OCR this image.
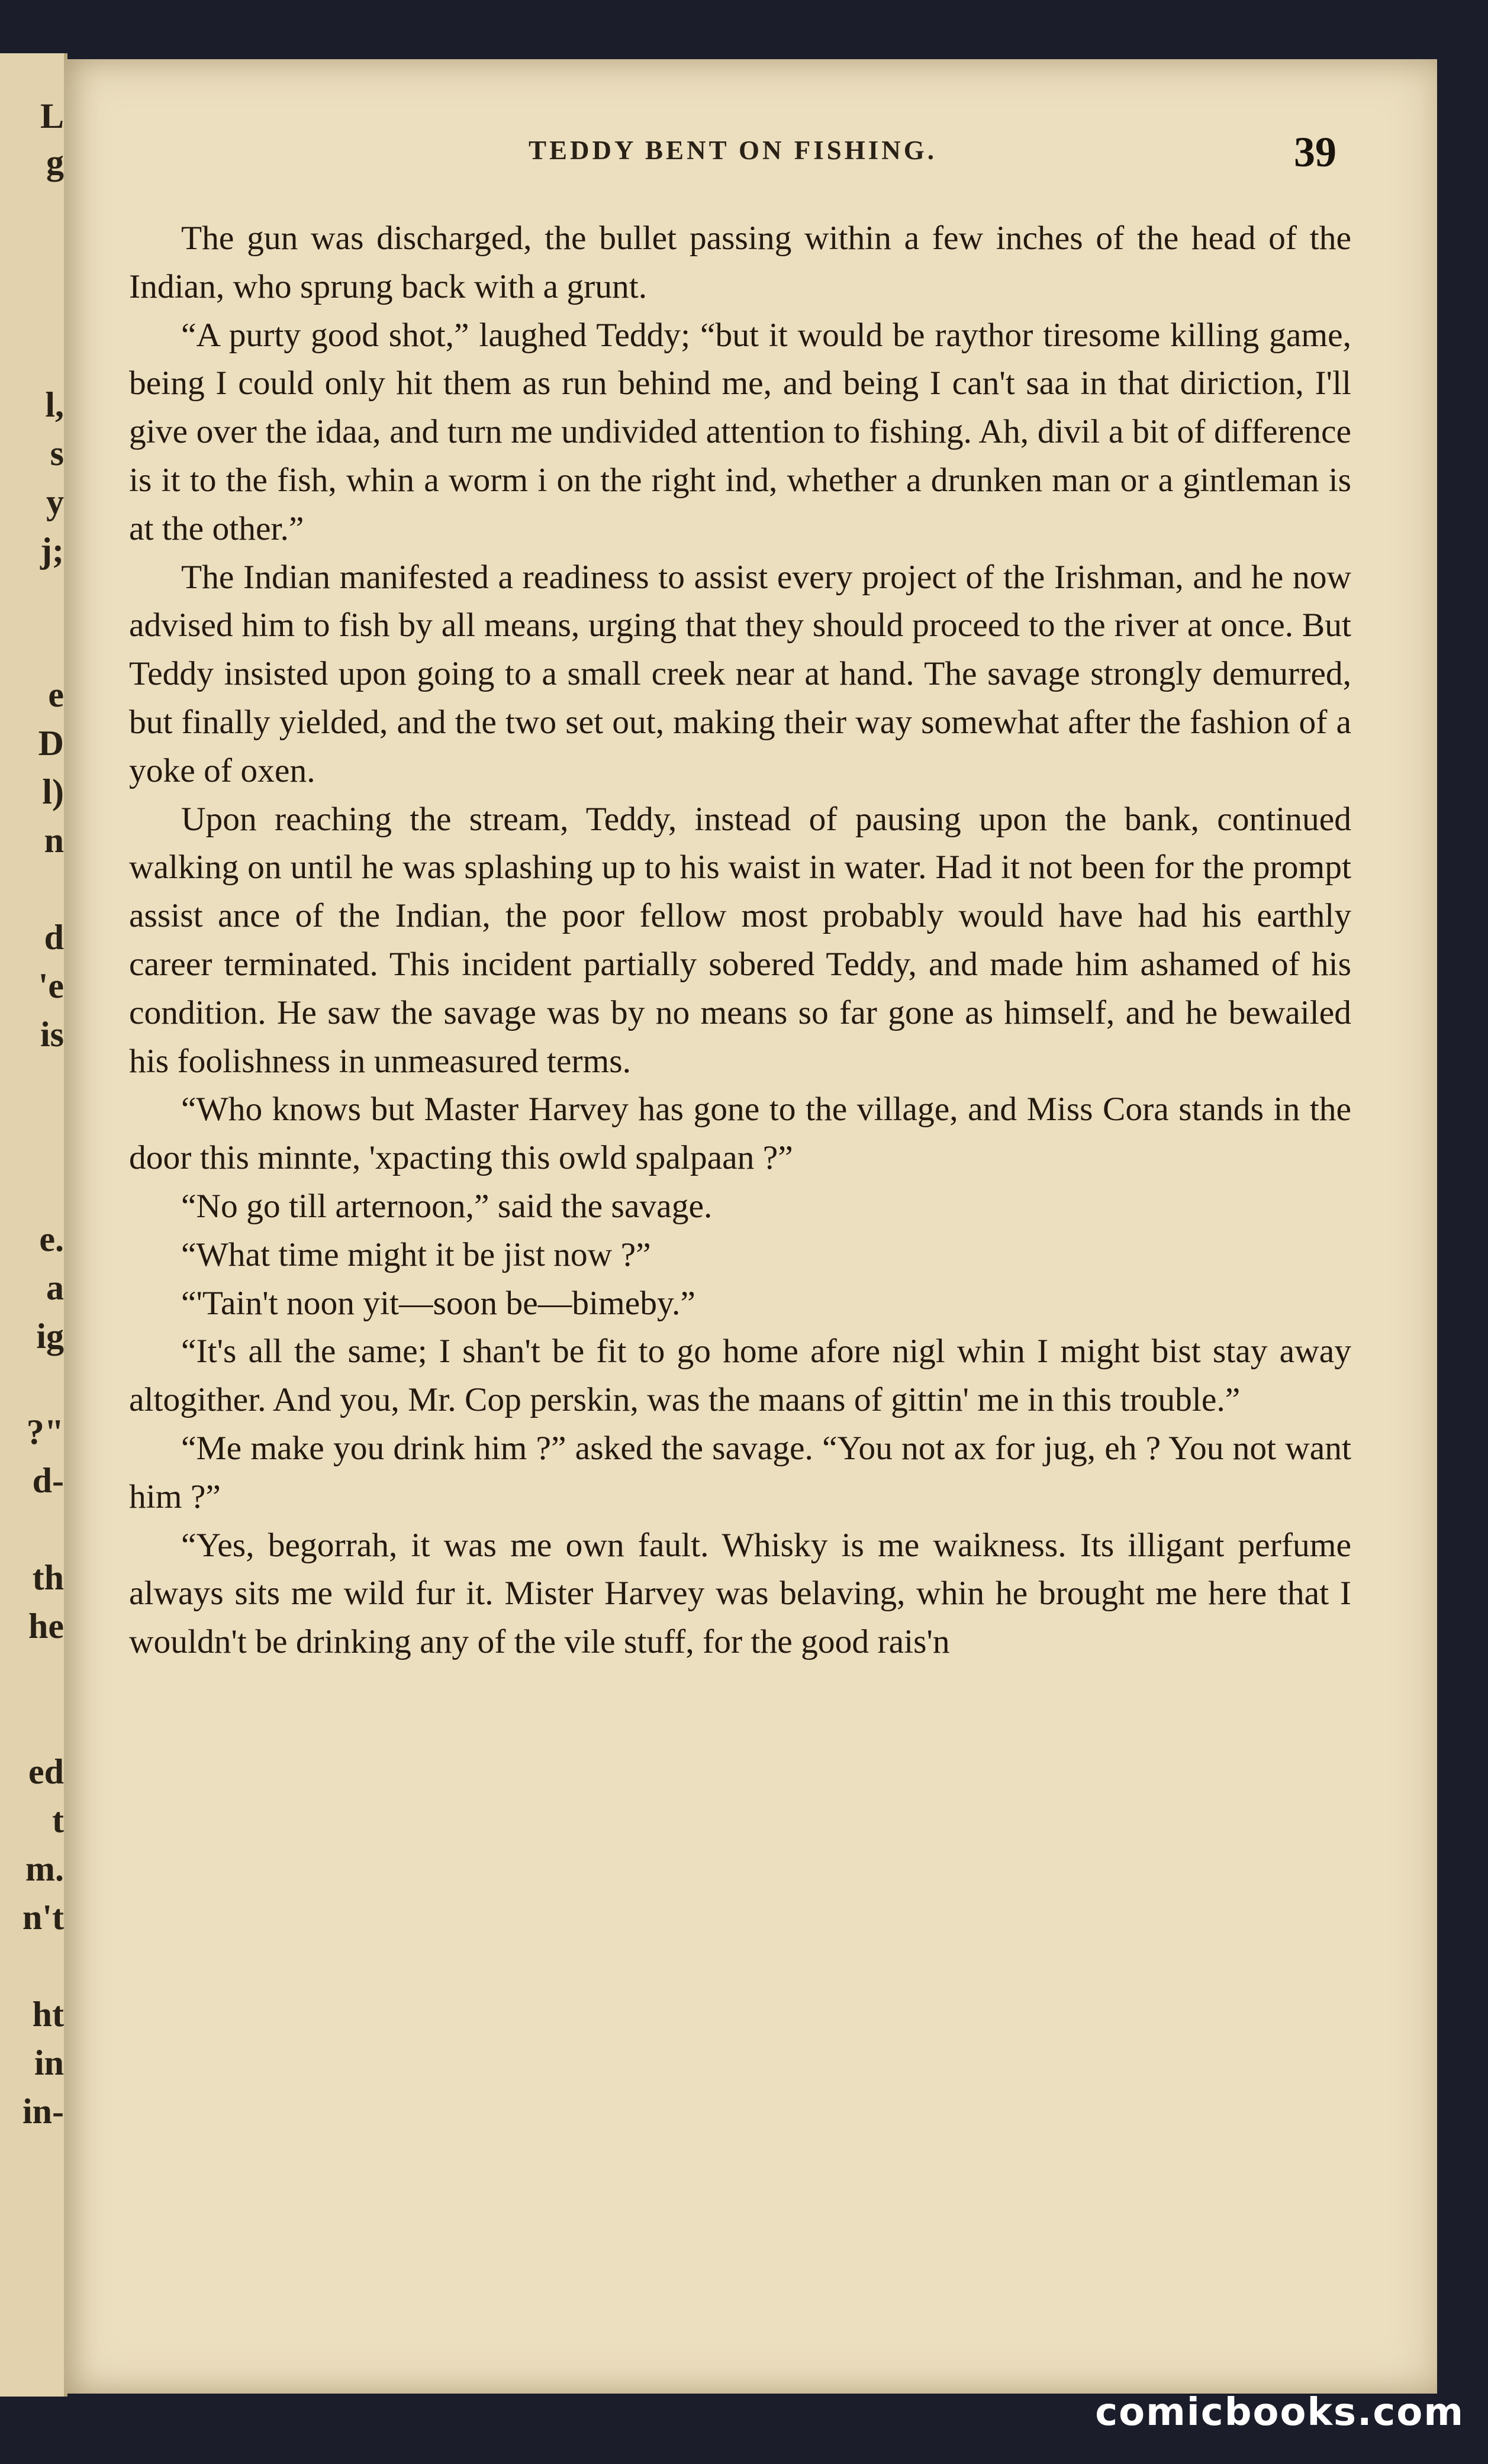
L
g
l,
s
y
j;
e
D
l)
n
d
'e
is
e.
a
ig
?"
d-
th
he
ed
t
m.
n't
ht
in
in-
TEDDY BENT ON FISHING.	39

The gun was discharged, the bullet passing within a few inches of the head of the Indian, who sprung back with a grunt.

“A purty good shot,” laughed Teddy; “but it would be raythor tiresome killing game, being I could only hit them as run behind me, and being I can't saa in that diriction, I'll give over the idaa, and turn me undivided attention to fishing. Ah, divil a bit of difference is it to the fish, whin a worm i on the right ind, whether a drunken man or a gintleman is at the other.”

The Indian manifested a readiness to assist every project of the Irishman, and he now advised him to fish by all means, urging that they should proceed to the river at once. But Teddy insisted upon going to a small creek near at hand. The savage strongly demurred, but finally yielded, and the two set out, making their way somewhat after the fashion of a yoke of oxen.

Upon reaching the stream, Teddy, instead of pausing upon the bank, continued walking on until he was splashing up to his waist in water. Had it not been for the prompt assist ance of the Indian, the poor fellow most probably would have had his earthly career terminated. This incident partially sobered Teddy, and made him ashamed of his condition. He saw the savage was by no means so far gone as himself, and he bewailed his foolishness in unmeasured terms.

“Who knows but Master Harvey has gone to the village, and Miss Cora stands in the door this minnte, 'xpacting this owld spalpaan ?”

“No go till arternoon,” said the savage.

“What time might it be jist now ?”

“'Tain't noon yit—soon be—bimeby.”

“It's all the same; I shan't be fit to go home afore nigl whin I might bist stay away altogither. And you, Mr. Cop perskin, was the maans of gittin' me in this trouble.”

“Me make you drink him ?” asked the savage. “You not ax for jug, eh ? You not want him ?”

“Yes, begorrah, it was me own fault. Whisky is me waikness. Its illigant perfume always sits me wild fur it. Mister Harvey was belaving, whin he brought me here that I wouldn't be drinking any of the vile stuff, for the good rais'n

comicbooks.com
